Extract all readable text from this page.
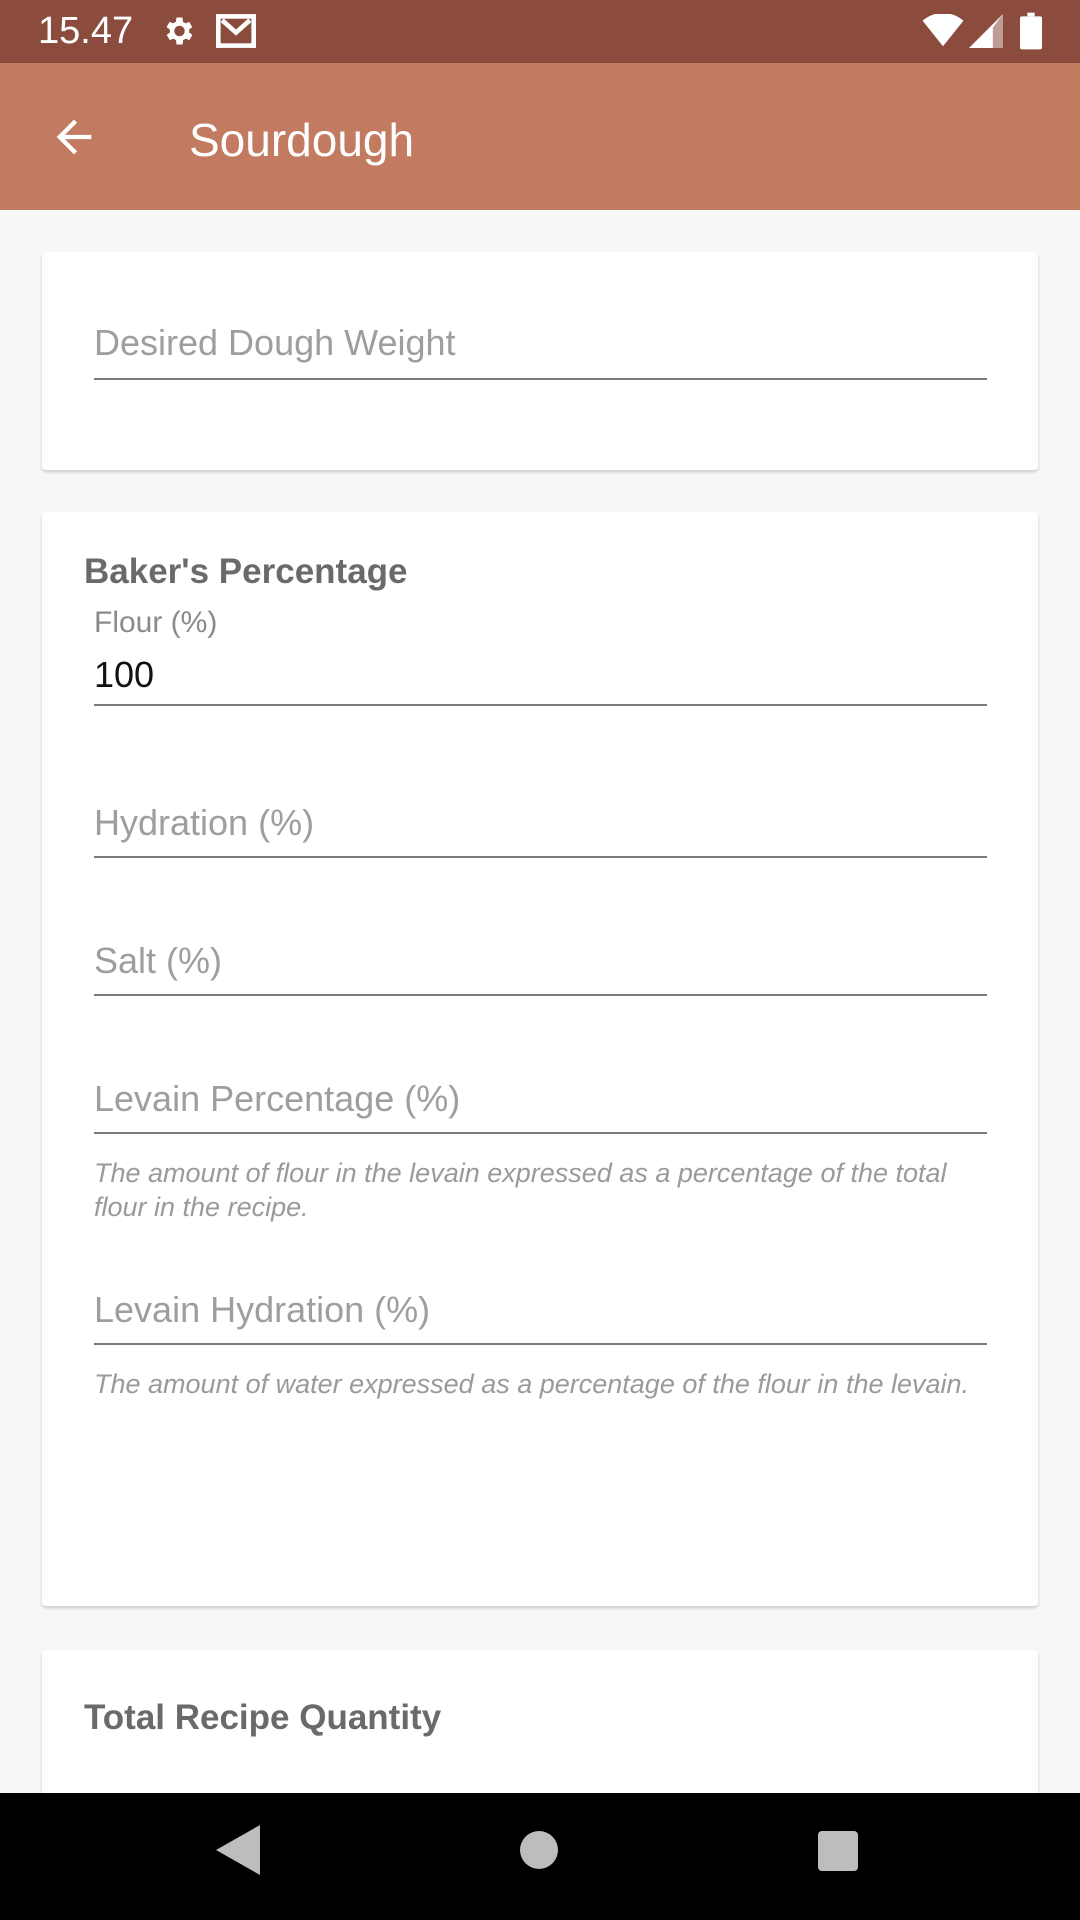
15.47
Sourdough
Desired Dough Weight
Baker's Percentage
Flour (%)
100
Hydration (%)
Salt (%)
Levain Percentage (%)
The amount of flour in the levain expressed as a percentage of the total flour in the recipe.
Levain Hydration (%)
The amount of water expressed as a percentage of the flour in the levain.
Total Recipe Quantity
